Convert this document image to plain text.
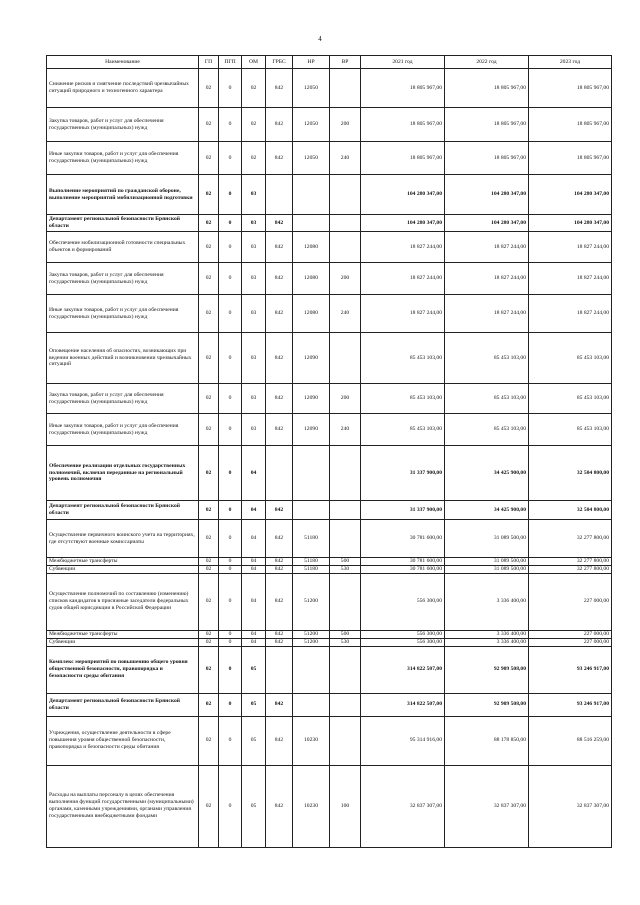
4
Наименование	ГП	ПГП	ОМ	ГРБС	НР	ВР	2021 год	2022 год	2023 год
Снижение рисков и смягчение последствий чрезвычайных ситуаций природного и техногенного характера	02	0	02	842	12050		18 805 967,00	18 805 967,00	18 805 967,00
Закупка товаров, работ и услуг для обеспечения государственных (муниципальных) нужд	02	0	02	842	12050	200	18 805 967,00	18 805 967,00	18 805 967,00
Иные закупки товаров, работ и услуг для обеспечения государственных (муниципальных) нужд	02	0	02	842	12050	240	18 805 967,00	18 805 967,00	18 805 967,00
Выполнение мероприятий по гражданской обороне, выполнение мероприятий мобилизационной подготовки	02	0	03				104 280 347,00	104 280 347,00	104 280 347,00
Департамент региональной безопасности Брянской области	02	0	03	842			104 280 347,00	104 280 347,00	104 280 347,00
Обеспечение мобилизационной готовности специальных объектов и формирований	02	0	03	842	12080		18 827 244,00	18 827 244,00	18 827 244,00
Закупка товаров, работ и услуг для обеспечения государственных (муниципальных) нужд	02	0	03	842	12080	200	18 827 244,00	18 827 244,00	18 827 244,00
Иные закупки товаров, работ и услуг для обеспечения государственных (муниципальных) нужд	02	0	03	842	12080	240	18 827 244,00	18 827 244,00	18 827 244,00
Оповещение населения об опасностях, возникающих при ведении военных действий и возникновении чрезвычайных ситуаций	02	0	03	842	12090		85 453 103,00	85 453 103,00	85 453 103,00
Закупка товаров, работ и услуг для обеспечения государственных (муниципальных) нужд	02	0	03	842	12090	200	85 453 103,00	85 453 103,00	85 453 103,00
Иные закупки товаров, работ и услуг для обеспечения государственных (муниципальных) нужд	02	0	03	842	12090	240	85 453 103,00	85 453 103,00	85 453 103,00
Обеспечение реализации отдельных государственных полномочий, включая переданные на региональный уровень полномочия	02	0	04				31 337 900,00	34 425 900,00	32 504 800,00
Департамент региональной безопасности Брянской области	02	0	04	842			31 337 900,00	34 425 900,00	32 504 800,00
Осуществление первичного воинского учета на территориях, где отсутствуют военные комиссариаты	02	0	04	842	51180		30 781 600,00	31 089 500,00	32 277 800,00
Межбюджетные трансферты	02	0	04	842	51180	500	30 781 600,00	31 089 500,00	32 277 800,00
Субвенции	02	0	04	842	51180	530	30 781 600,00	31 089 500,00	32 277 800,00
Осуществление полномочий по составлению (изменению) списков кандидатов в присяжные заседатели федеральных судов общей юрисдикции в Российской Федерации	02	0	04	842	51200		556 300,00	3 336 400,00	227 000,00
Межбюджетные трансферты	02	0	04	842	51200	500	556 300,00	3 336 400,00	227 000,00
Субвенции	02	0	04	842	51200	530	556 300,00	3 336 400,00	227 000,00
Комплекс мероприятий по повышению общего уровня общественной безопасности, правопорядка и безопасности среды обитания	02	0	05				314 822 507,00	92 909 508,00	93 246 917,00
Департамент региональной безопасности Брянской области	02	0	05	842			314 822 507,00	92 909 508,00	93 246 917,00
Учреждения, осуществление деятельности в сфере повышения уровня общественной безопасности, правопорядка и безопасности среды обитания	02	0	05	842	10230		95 314 916,00	88 178 850,00	88 516 259,00
Расходы на выплаты персоналу в целях обеспечения выполнения функций государственными (муниципальными) органами, казенными учреждениями, органами управления государственными внебюджетными фондами	02	0	05	842	10230	100	32 837 307,00	32 837 307,00	32 837 307,00
